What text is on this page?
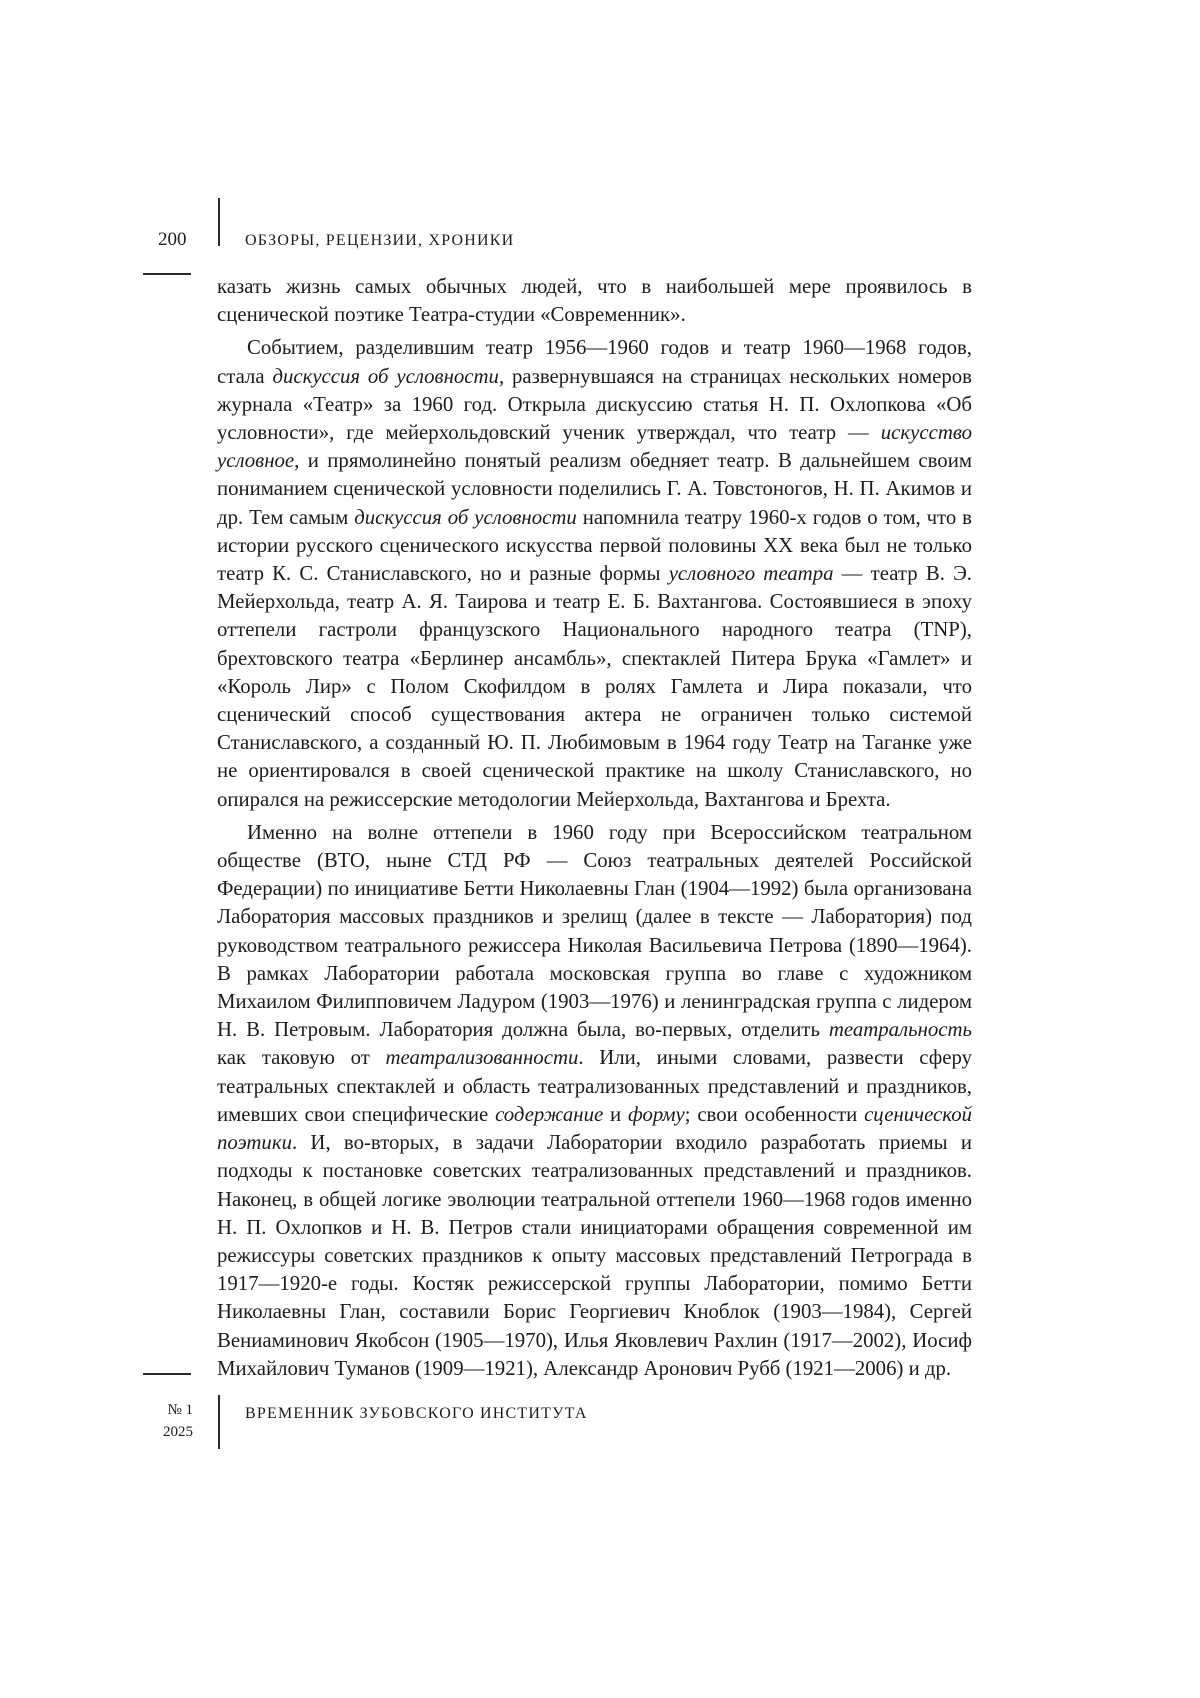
200	ОБЗОРЫ, РЕЦЕНЗИИ, ХРОНИКИ

казать жизнь самых обычных людей, что в наибольшей мере проявилось в сценической поэтике Театра-студии «Современник».

Событием, разделившим театр 1956—1960 годов и театр 1960—1968 годов, стала дискуссия об условности, развернувшаяся на страницах нескольких номеров журнала «Театр» за 1960 год. Открыла дискуссию статья Н. П. Охлопкова «Об условности», где мейерхольдовский ученик утверждал, что театр — искусство условное, и прямолинейно понятый реализм обедняет театр. В дальнейшем своим пониманием сценической условности поделились Г. А. Товстоногов, Н. П. Акимов и др. Тем самым дискуссия об условности напомнила театру 1960-х годов о том, что в истории русского сценического искусства первой половины XX века был не только театр К. С. Станиславского, но и разные формы условного театра — театр В. Э. Мейерхольда, театр А. Я. Таирова и театр Е. Б. Вахтангова. Состоявшиеся в эпоху оттепели гастроли французского Национального народного театра (TNP), брехтовского театра «Берлинер ансамбль», спектаклей Питера Брука «Гамлет» и «Король Лир» с Полом Скофилдом в ролях Гамлета и Лира показали, что сценический способ существования актера не ограничен только системой Станиславского, а созданный Ю. П. Любимовым в 1964 году Театр на Таганке уже не ориентировался в своей сценической практике на школу Станиславского, но опирался на режиссерские методологии Мейерхольда, Вахтангова и Брехта.

Именно на волне оттепели в 1960 году при Всероссийском театральном обществе (ВТО, ныне СТД РФ — Союз театральных деятелей Российской Федерации) по инициативе Бетти Николаевны Глан (1904—1992) была организована Лаборатория массовых праздников и зрелищ (далее в тексте — Лаборатория) под руководством театрального режиссера Николая Васильевича Петрова (1890—1964). В рамках Лаборатории работала московская группа во главе с художником Михаилом Филипповичем Ладуром (1903—1976) и ленинградская группа с лидером Н. В. Петровым. Лаборатория должна была, во-первых, отделить театральность как таковую от театрализованности. Или, иными словами, развести сферу театральных спектаклей и область театрализованных представлений и праздников, имевших свои специфические содержание и форму; свои особенности сценической поэтики. И, во-вторых, в задачи Лаборатории входило разработать приемы и подходы к постановке советских театрализованных представлений и праздников. Наконец, в общей логике эволюции театральной оттепели 1960—1968 годов именно Н. П. Охлопков и Н. В. Петров стали инициаторами обращения современной им режиссуры советских праздников к опыту массовых представлений Петрограда в 1917—1920-е годы. Костяк режиссерской группы Лаборатории, помимо Бетти Николаевны Глан, составили Борис Георгиевич Кноблок (1903—1984), Сергей Вениаминович Якобсон (1905—1970), Илья Яковлевич Рахлин (1917—2002), Иосиф Михайлович Туманов (1909—1921), Александр Аронович Рубб (1921—2006) и др.

№ 1
2025
ВРЕМЕННИК ЗУБОВСКОГО ИНСТИТУТА
